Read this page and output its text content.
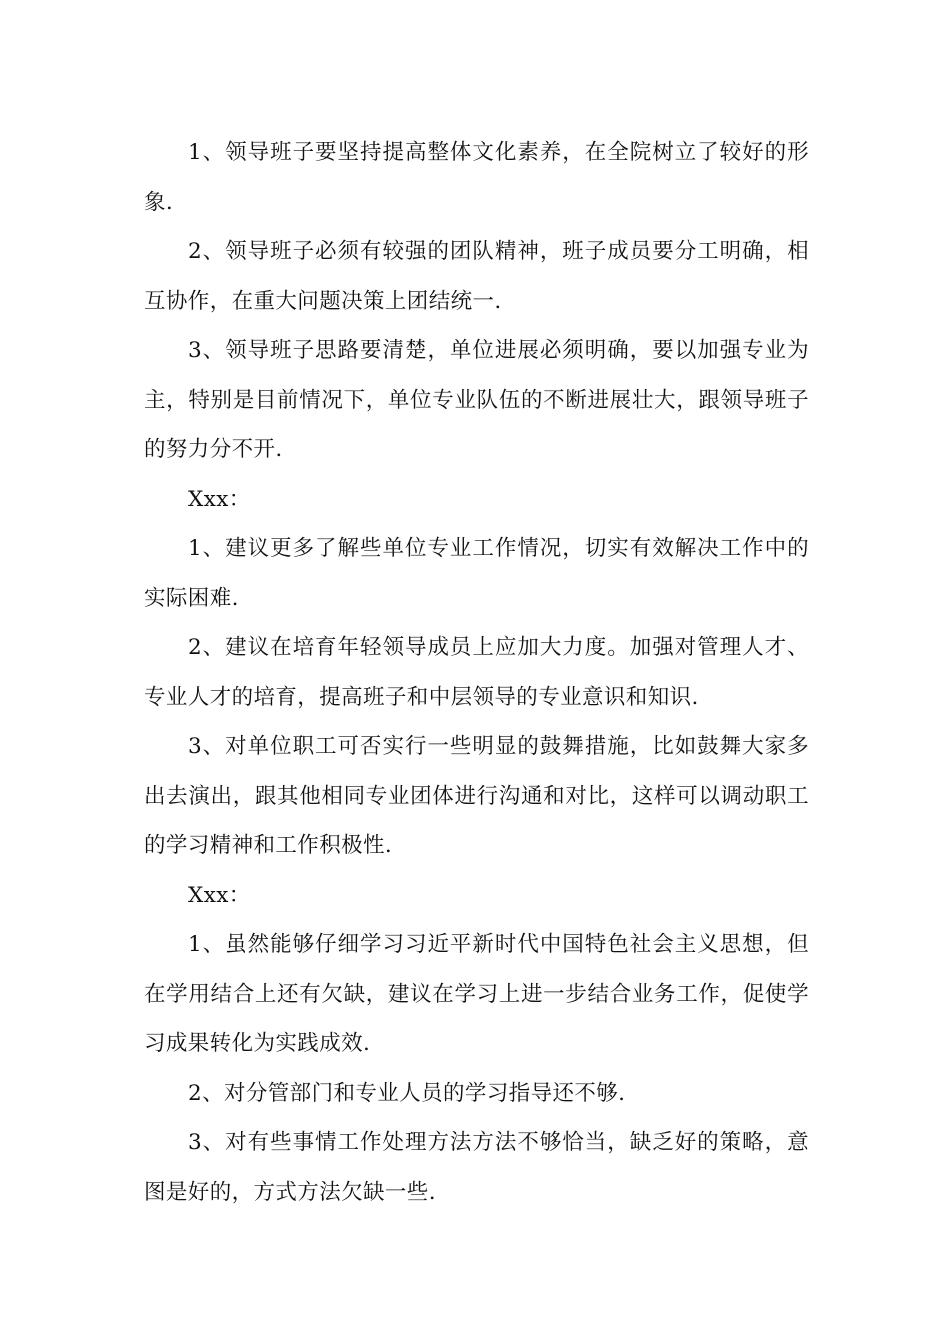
1、领导班子要坚持提高整体文化素养，在全院树立了较好的形象.

2、领导班子必须有较强的团队精神，班子成员要分工明确，相互协作，在重大问题决策上团结统一.

3、领导班子思路要清楚，单位进展必须明确，要以加强专业为主，特别是目前情况下，单位专业队伍的不断进展壮大，跟领导班子的努力分不开.

Xxx：

1、建议更多了解些单位专业工作情况，切实有效解决工作中的实际困难.

2、建议在培育年轻领导成员上应加大力度。加强对管理人才、专业人才的培育，提高班子和中层领导的专业意识和知识.

3、对单位职工可否实行一些明显的鼓舞措施，比如鼓舞大家多出去演出，跟其他相同专业团体进行沟通和对比，这样可以调动职工的学习精神和工作积极性.

Xxx：

1、虽然能够仔细学习习近平新时代中国特色社会主义思想，但在学用结合上还有欠缺，建议在学习上进一步结合业务工作，促使学习成果转化为实践成效.

2、对分管部门和专业人员的学习指导还不够.

3、对有些事情工作处理方法方法不够恰当，缺乏好的策略，意图是好的，方式方法欠缺一些.
